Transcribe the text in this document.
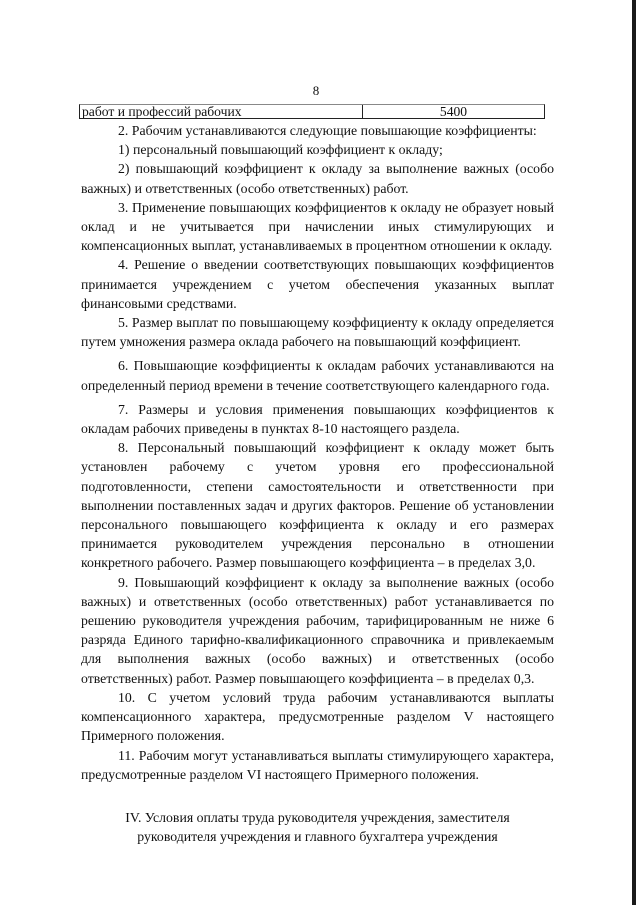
8
работ и профессий рабочих	5400

2. Рабочим устанавливаются следующие повышающие коэффициенты:

1) персональный повышающий коэффициент к окладу;

2) повышающий коэффициент к окладу за выполнение важных (особо важных) и ответственных (особо ответственных) работ.

3. Применение повышающих коэффициентов к окладу не образует новый оклад и не учитывается при начислении иных стимулирующих и компенсационных выплат, устанавливаемых в процентном отношении к окладу.

4. Решение о введении соответствующих повышающих коэффициентов принимается учреждением с учетом обеспечения указанных выплат финансовыми средствами.

5. Размер выплат по повышающему коэффициенту к окладу определяется путем умножения размера оклада рабочего на повышающий коэффициент.

6. Повышающие коэффициенты к окладам рабочих устанавливаются на определенный период времени в течение соответствующего календарного года.

7. Размеры и условия применения повышающих коэффициентов к окладам рабочих приведены в пунктах 8-10 настоящего раздела.

8. Персональный повышающий коэффициент к окладу может быть установлен рабочему с учетом уровня его профессиональной подготовленности, степени самостоятельности и ответственности при выполнении поставленных задач и других факторов. Решение об установлении персонального повышающего коэффициента к окладу и его размерах принимается руководителем учреждения персонально в отношении конкретного рабочего. Размер повышающего коэффициента – в пределах 3,0.

9. Повышающий коэффициент к окладу за выполнение важных (особо важных) и ответственных (особо ответственных) работ устанавливается по решению руководителя учреждения рабочим, тарифицированным не ниже 6 разряда Единого тарифно-квалификационного справочника и привлекаемым для выполнения важных (особо важных) и ответственных (особо ответственных) работ. Размер повышающего коэффициента – в пределах 0,3.

10. С учетом условий труда рабочим устанавливаются выплаты компенсационного характера, предусмотренные разделом V настоящего Примерного положения.

11. Рабочим могут устанавливаться выплаты стимулирующего характера, предусмотренные разделом VI настоящего Примерного положения.

IV. Условия оплаты труда руководителя учреждения, заместителя руководителя учреждения и главного бухгалтера учреждения
